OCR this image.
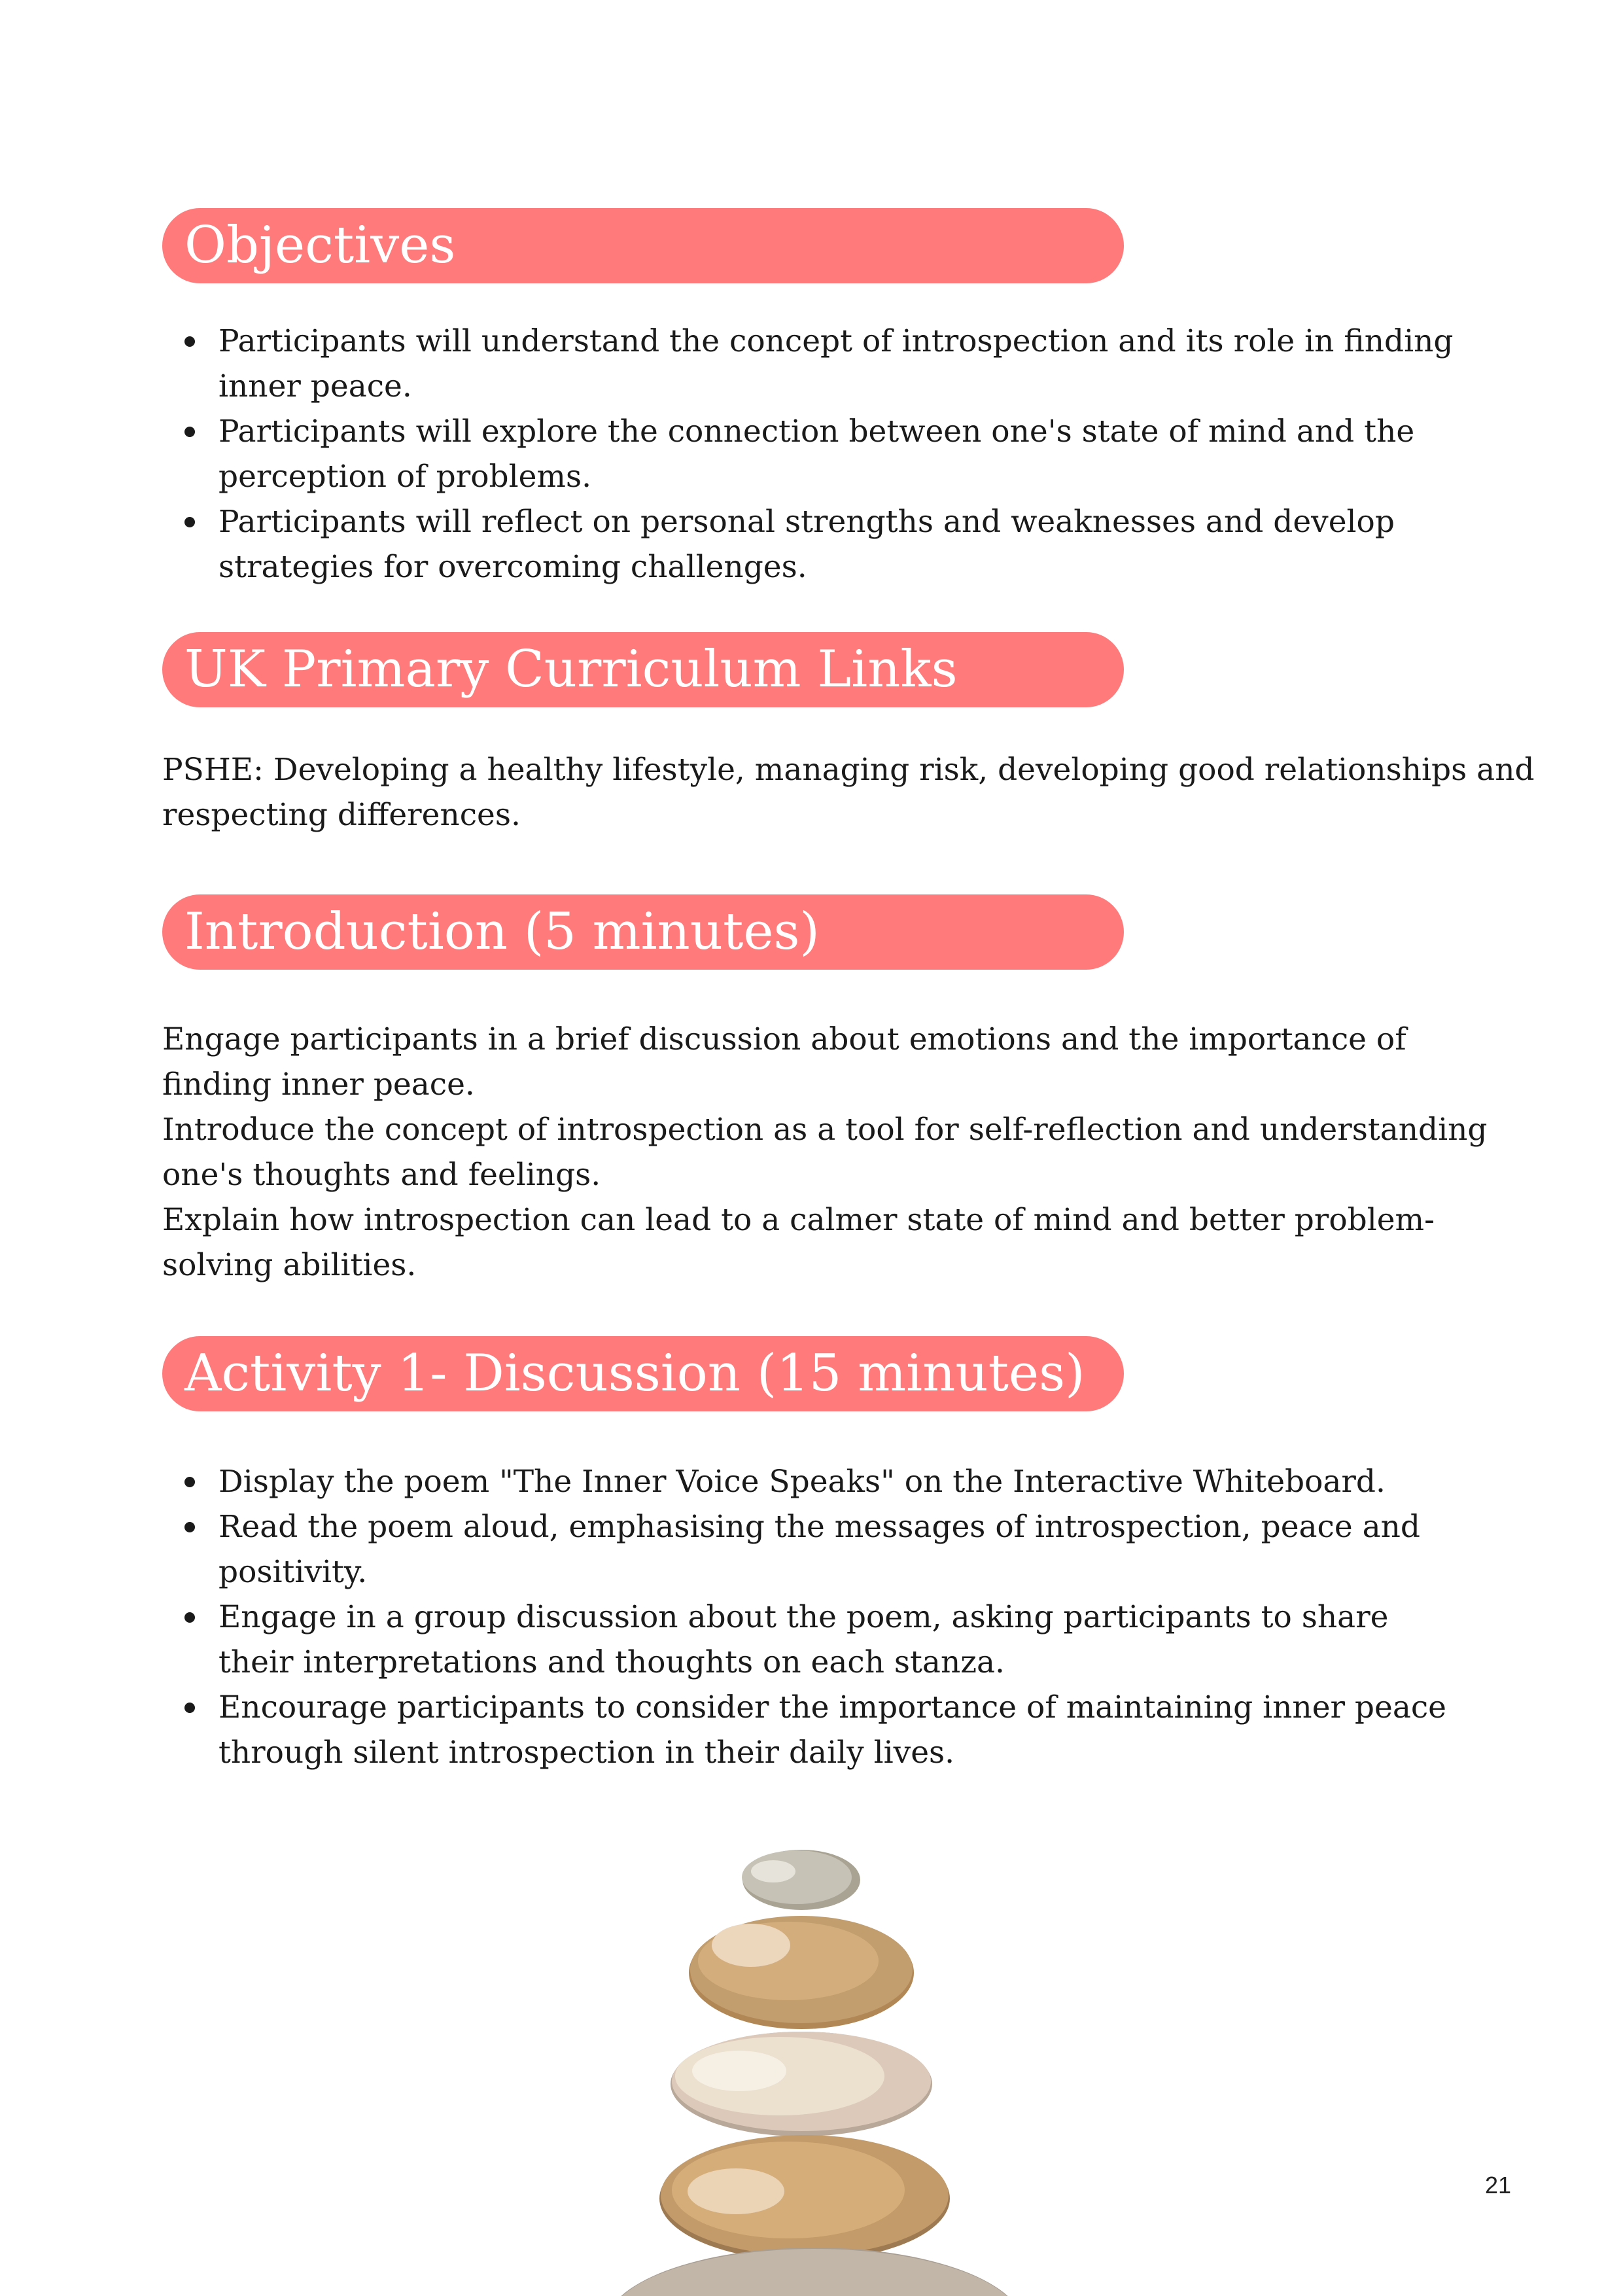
Objectives
Participants will understand the concept of introspection and its role in finding
inner peace.
Participants will explore the connection between one's state of mind and the
perception of problems.
Participants will reflect on personal strengths and weaknesses and develop
strategies for overcoming challenges.
UK Primary Curriculum Links

PSHE: Developing a healthy lifestyle, managing risk, developing good relationships and
respecting differences.

Introduction (5 minutes)

Engage participants in a brief discussion about emotions and the importance of
finding inner peace.
Introduce the concept of introspection as a tool for self-reflection and understanding
one's thoughts and feelings.
Explain how introspection can lead to a calmer state of mind and better problem-
solving abilities.

Activity 1- Discussion (15 minutes)
Display the poem "The Inner Voice Speaks" on the Interactive Whiteboard.
Read the poem aloud, emphasising the messages of introspection, peace and
positivity.
Engage in a group discussion about the poem, asking participants to share
their interpretations and thoughts on each stanza.
Encourage participants to consider the importance of maintaining inner peace
through silent introspection in their daily lives.
21
